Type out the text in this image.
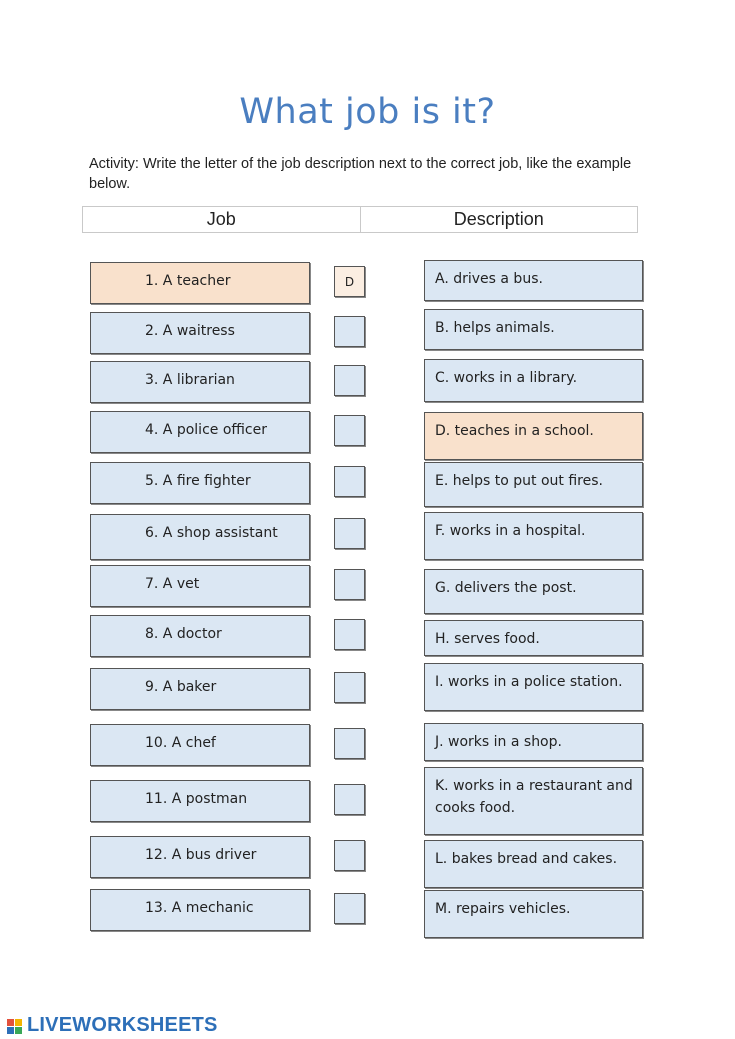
What job is it?
Activity: Write the letter of the job description next to the correct job, like the example below.
Job	Description
1. A teacher	D
2. A waitress
3. A librarian
4. A police officer
5. A fire fighter
6. A shop assistant
7. A vet
8. A doctor
9. A baker
10. A chef
11. A postman
12. A bus driver
13. A mechanic
A. drives a bus.
B. helps animals.
C. works in a library.
D. teaches in a school.
E. helps to put out fires.
F. works in a hospital.
G. delivers the post.
H. serves food.
I. works in a police station.
J. works in a shop.
K. works in a restaurant and cooks food.
L. bakes bread and cakes.
M. repairs vehicles.
LIVEWORKSHEETS
